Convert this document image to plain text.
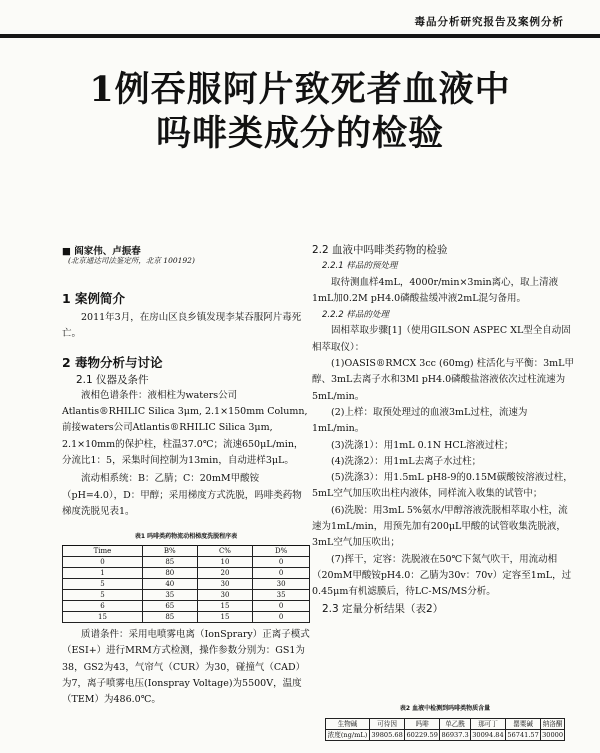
毒品分析研究报告及案例分析
1例吞服阿片致死者血液中
吗啡类成分的检验
■ 阎家伟、卢振春
(北京通达司法鉴定所，北京 100192)

1 案例简介

2011年3月，在房山区良乡镇发现李某吞服阿片毒死亡。

2 毒物分析与讨论

2.1 仪器及条件

液相色谱条件：液相柱为waters公司Atlantis®RHILIC Silica 3μm, 2.1×150mm Column, 前接waters公司Atlantis®RHILIC Silica 3μm, 2.1×10mm的保护柱，柱温37.0℃；流速650μL/min，分流比1：5，采集时间控制为13min，自动进样3μL。

流动相系统：B：乙腈；C：20mM甲酸铵（pH=4.0），D：甲醇；采用梯度方式洗脱，吗啡类药物梯度洗脱见表1。

表1 吗啡类药物流动相梯度洗脱程序表

Time	B%	C%	D%
0	85	10	0
1	80	20	0
5	40	30	30
5	35	30	35
6	65	15	0
15	85	15	0

质谱条件：采用电喷雾电离（IonSprary）正离子模式（ESI+）进行MRM方式检测，操作参数分别为：GS1为38，GS2为43，气帘气（CUR）为30，碰撞气（CAD）为7，离子喷雾电压(Ionspray Voltage)为5500V，温度（TEM）为486.0℃。

2.2 血液中吗啡类药物的检验

2.2.1 样品的预处理

取待测血样4mL，4000r/min×3min离心，取上清液1mL加0.2M pH4.0磷酸盐缓冲液2mL混匀备用。

2.2.2 样品的处理

固相萃取步骤[1]（使用GILSON ASPEC XL型全自动固相萃取仪）：

(1)OASIS®RMCX 3cc (60mg) 柱活化与平衡：3mL甲醇、3mL去离子水和3Ml pH4.0磷酸盐溶液依次过柱流速为5mL/min。

(2)上样：取预处理过的血液3mL过柱，流速为1mL/min。

(3)洗涤1）：用1mL 0.1N HCL溶液过柱；

(4)洗涤2）：用1mL去离子水过柱；

(5)洗涤3）：用1.5mL pH8-9的0.15M碳酸铵溶液过柱，5mL空气加压吹出柱内液体，同样流入收集的试管中；

(6)洗脱：用3mL 5%氨水/甲醇溶液洗脱相萃取小柱，流速为1mL/min，用预先加有200μL甲酸的试管收集洗脱液，3mL空气加压吹出；

(7)挥干，定容：洗脱液在50℃下氮气吹干，用流动相（20mM甲酸铵pH4.0：乙腈为30v：70v）定容至1mL，过0.45μm有机滤膜后，待LC-MS/MS分析。

2.3 定量分析结果（表2）

表2 血液中检测到吗啡类物质含量

生物碱	可待因	吗啡	单乙酰	那可丁	罂粟碱	纳洛酮
浓度(ng/mL)	39805.68	60229.59	86937.3	30094.84	56741.57	30000
